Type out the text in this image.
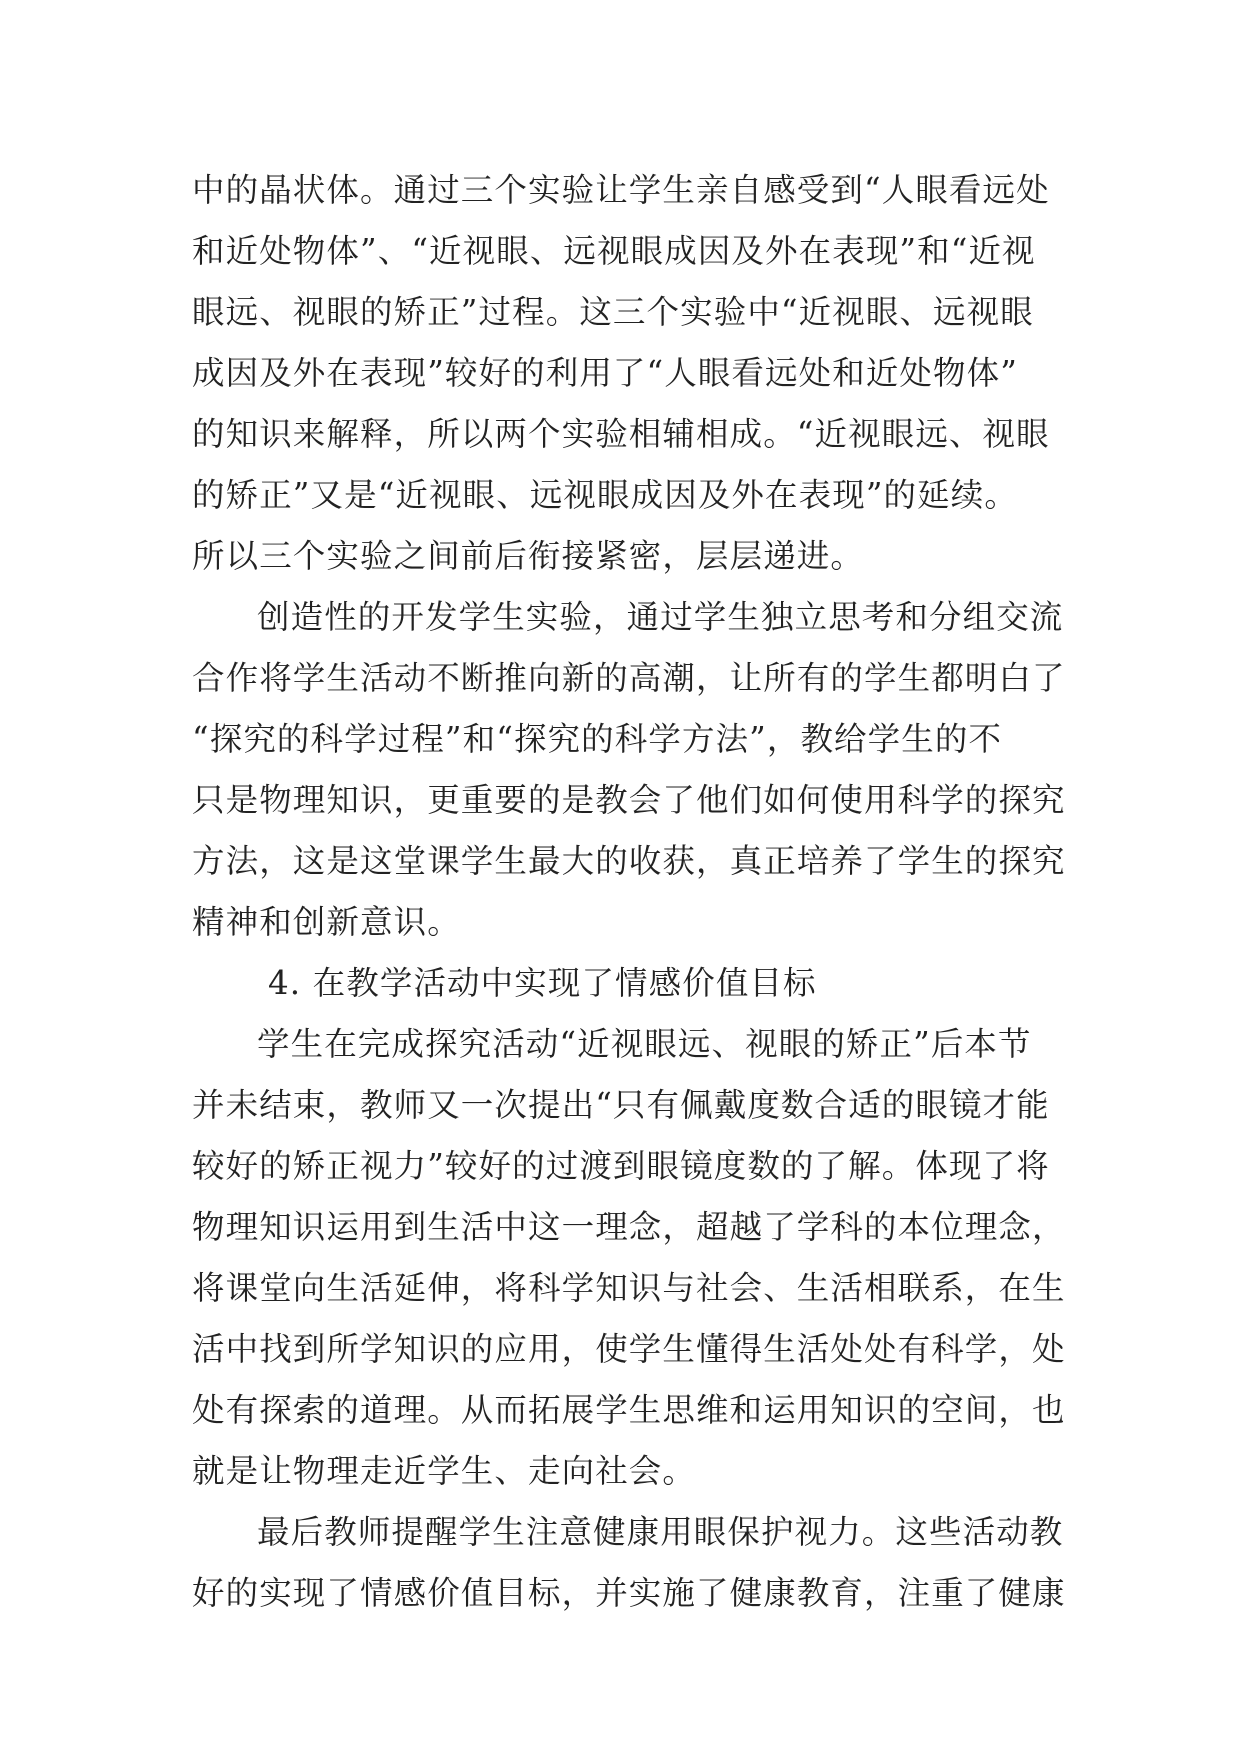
中的晶状体。通过三个实验让学生亲自感受到“人眼看远处
和近处物体”、“近视眼、远视眼成因及外在表现”和“近视
眼远、视眼的矫正”过程。这三个实验中“近视眼、远视眼
成因及外在表现”较好的利用了“人眼看远处和近处物体”
的知识来解释，所以两个实验相辅相成。“近视眼远、视眼
的矫正”又是“近视眼、远视眼成因及外在表现”的延续。
所以三个实验之间前后衔接紧密，层层递进。
创造性的开发学生实验，通过学生独立思考和分组交流
合作将学生活动不断推向新的高潮，让所有的学生都明白了
“探究的科学过程”和“探究的科学方法”，教给学生的不
只是物理知识，更重要的是教会了他们如何使用科学的探究
方法，这是这堂课学生最大的收获，真正培养了学生的探究
精神和创新意识。
4. 在教学活动中实现了情感价值目标
学生在完成探究活动“近视眼远、视眼的矫正”后本节
并未结束，教师又一次提出“只有佩戴度数合适的眼镜才能
较好的矫正视力”较好的过渡到眼镜度数的了解。体现了将
物理知识运用到生活中这一理念，超越了学科的本位理念，
将课堂向生活延伸，将科学知识与社会、生活相联系，在生
活中找到所学知识的应用，使学生懂得生活处处有科学，处
处有探索的道理。从而拓展学生思维和运用知识的空间，也
就是让物理走近学生、走向社会。
最后教师提醒学生注意健康用眼保护视力。这些活动教
好的实现了情感价值目标，并实施了健康教育，注重了健康
